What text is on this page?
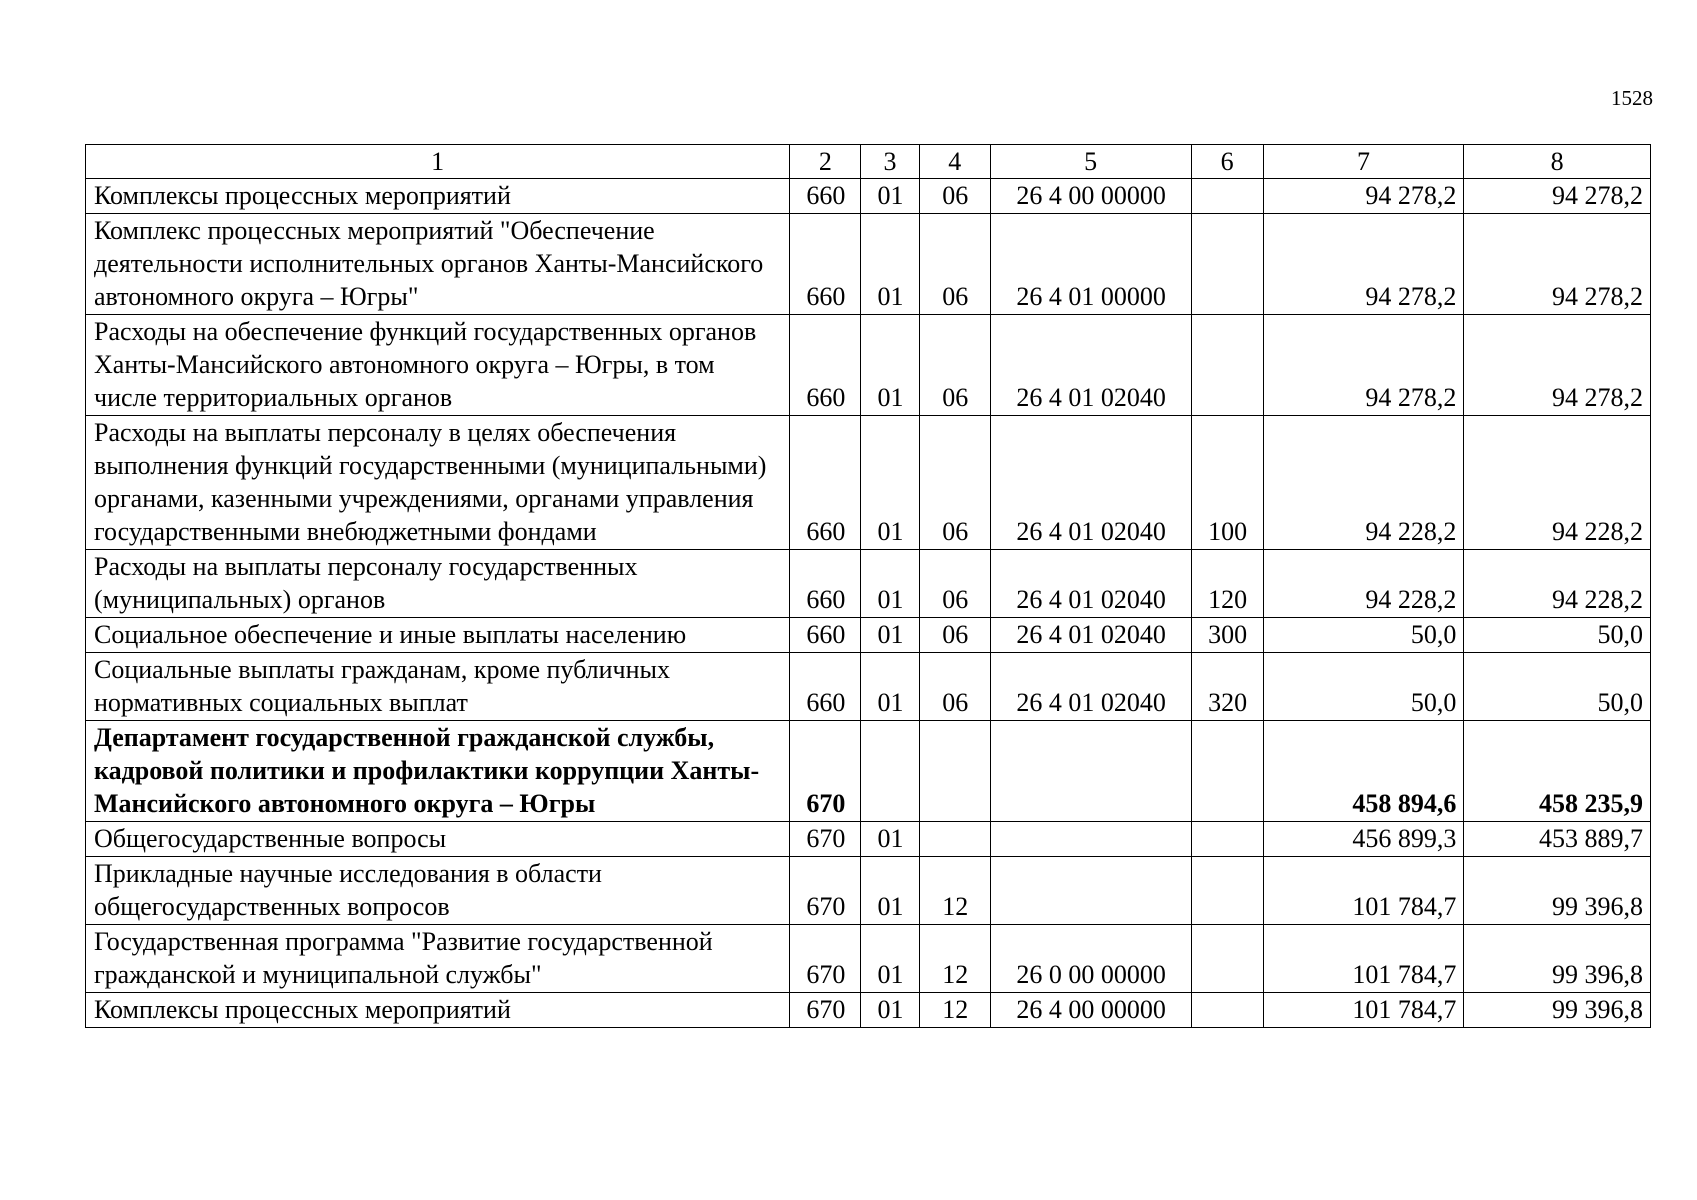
1528
1	2	3	4	5	6	7	8
Комплексы процессных мероприятий	660	01	06	26 4 00 00000		94 278,2	94 278,2
Комплекс процессных мероприятий "Обеспечение деятельности исполнительных органов Ханты-Мансийского автономного округа – Югры"	660	01	06	26 4 01 00000		94 278,2	94 278,2
Расходы на обеспечение функций государственных органов Ханты-Мансийского автономного округа – Югры, в том числе территориальных органов	660	01	06	26 4 01 02040		94 278,2	94 278,2
Расходы на выплаты персоналу в целях обеспечения выполнения функций государственными (муниципальными) органами, казенными учреждениями, органами управления государственными внебюджетными фондами	660	01	06	26 4 01 02040	100	94 228,2	94 228,2
Расходы на выплаты персоналу государственных (муниципальных) органов	660	01	06	26 4 01 02040	120	94 228,2	94 228,2
Социальное обеспечение и иные выплаты населению	660	01	06	26 4 01 02040	300	50,0	50,0
Социальные выплаты гражданам, кроме публичных нормативных социальных выплат	660	01	06	26 4 01 02040	320	50,0	50,0
Департамент государственной гражданской службы, кадровой политики и профилактики коррупции Ханты-Мансийского автономного округа – Югры	670					458 894,6	458 235,9
Общегосударственные вопросы	670	01				456 899,3	453 889,7
Прикладные научные исследования в области общегосударственных вопросов	670	01	12			101 784,7	99 396,8
Государственная программа "Развитие государственной гражданской и муниципальной службы"	670	01	12	26 0 00 00000		101 784,7	99 396,8
Комплексы процессных мероприятий	670	01	12	26 4 00 00000		101 784,7	99 396,8
